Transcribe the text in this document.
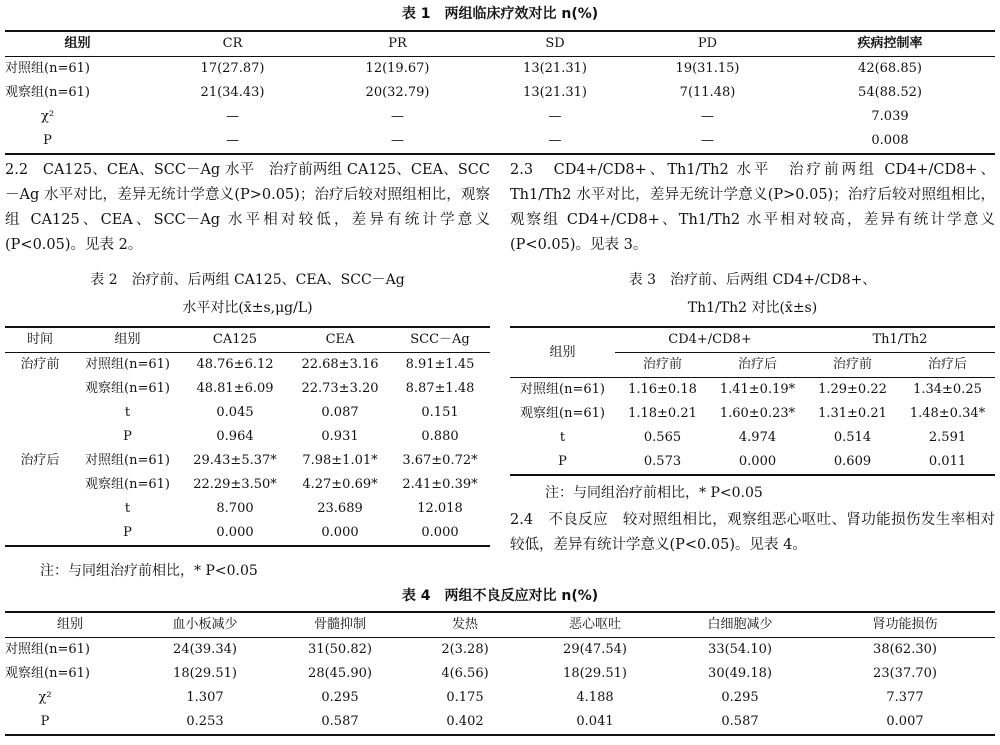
表 1　两组临床疗效对比 n(%)
组别	CR	PR	SD	PD	疾病控制率
对照组(n=61)	17(27.87)	12(19.67)	13(21.31)	19(31.15)	42(68.85)
观察组(n=61)	21(34.43)	20(32.79)	13(21.31)	7(11.48)	54(88.52)
χ²	—	—	—	—	7.039
P	—	—	—	—	0.008
2.2　CA125、CEA、SCC－Ag 水平　治疗前两组 CA125、CEA、SCC－Ag 水平对比，差异无统计学意义(P>0.05)；治疗后较对照组相比，观察组 CA125、CEA、SCC－Ag 水平相对较低，差异有统计学意义(P<0.05)。见表 2。
表 2　治疗前、后两组 CA125、CEA、SCC－Ag
水平对比(x̄±s,μg/L)
时间	组别	CA125	CEA	SCC－Ag
治疗前	对照组(n=61)	48.76±6.12	22.68±3.16	8.91±1.45
	观察组(n=61)	48.81±6.09	22.73±3.20	8.87±1.48
	t	0.045	0.087	0.151
	P	0.964	0.931	0.880
治疗后	对照组(n=61)	29.43±5.37*	7.98±1.01*	3.67±0.72*
	观察组(n=61)	22.29±3.50*	4.27±0.69*	2.41±0.39*
	t	8.700	23.689	12.018
	P	0.000	0.000	0.000
注：与同组治疗前相比，* P<0.05
2.3　CD4+/CD8+、Th1/Th2 水平　治疗前两组 CD4+/CD8+、Th1/Th2 水平对比，差异无统计学意义(P>0.05)；治疗后较对照组相比，观察组 CD4+/CD8+、Th1/Th2 水平相对较高，差异有统计学意义(P<0.05)。见表 3。
表 3　治疗前、后两组 CD4+/CD8+、
Th1/Th2 对比(x̄±s)
组别	CD4+/CD8+		Th1/Th2	
	治疗前	治疗后	治疗前	治疗后
对照组(n=61)	1.16±0.18	1.41±0.19*	1.29±0.22	1.34±0.25
观察组(n=61)	1.18±0.21	1.60±0.23*	1.31±0.21	1.48±0.34*
t	0.565	4.974	0.514	2.591
P	0.573	0.000	0.609	0.011
注：与同组治疗前相比，* P<0.05
2.4　不良反应　较对照组相比，观察组恶心呕吐、肾功能损伤发生率相对较低，差异有统计学意义(P<0.05)。见表 4。
表 4　两组不良反应对比 n(%)
组别	血小板减少	骨髓抑制	发热	恶心呕吐	白细胞减少	肾功能损伤
对照组(n=61)	24(39.34)	31(50.82)	2(3.28)	29(47.54)	33(54.10)	38(62.30)
观察组(n=61)	18(29.51)	28(45.90)	4(6.56)	18(29.51)	30(49.18)	23(37.70)
χ²	1.307	0.295	0.175	4.188	0.295	7.377
P	0.253	0.587	0.402	0.041	0.587	0.007
